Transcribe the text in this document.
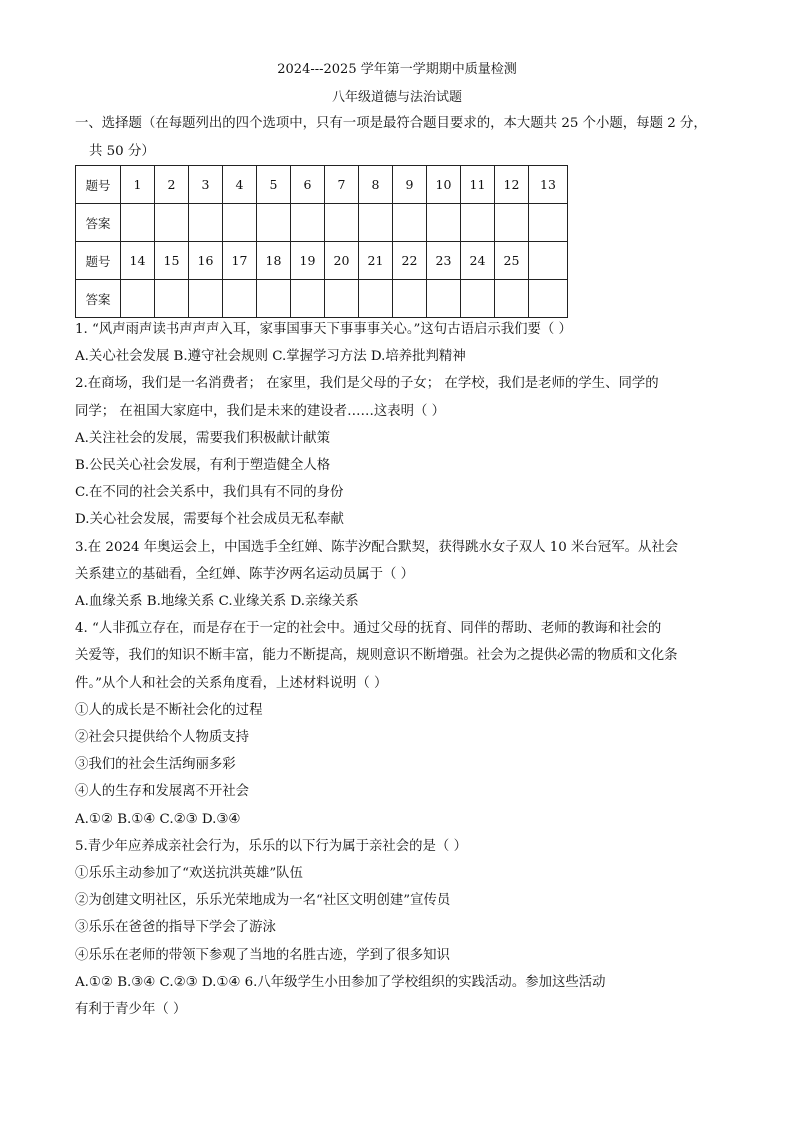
2024---2025 学年第一学期期中质量检测
八年级道德与法治试题
一、选择题（在每题列出的四个选项中，只有一项是最符合题目要求的，本大题共 25 个小题，每题 2 分，
共 50 分）
题号	1	2	3	4	5	6	7	8	9	10	11	12	13
答案													
题号	14	15	16	17	18	19	20	21	22	23	24	25	
答案													
1. “风声雨声读书声声声入耳，家事国事天下事事事关心。”这句古语启示我们要（ ）
A.关心社会发展 B.遵守社会规则 C.掌握学习方法 D.培养批判精神
2.在商场，我们是一名消费者； 在家里，我们是父母的子女； 在学校，我们是老师的学生、同学的
同学； 在祖国大家庭中，我们是未来的建设者……这表明（ ）
A.关注社会的发展，需要我们积极献计献策
B.公民关心社会发展，有利于塑造健全人格
C.在不同的社会关系中，我们具有不同的身份
D.关心社会发展，需要每个社会成员无私奉献
3.在 2024 年奥运会上，中国选手全红婵、陈芋汐配合默契，获得跳水女子双人 10 米台冠军。从社会
关系建立的基础看，全红婵、陈芋汐两名运动员属于（ ）
A.血缘关系 B.地缘关系 C.业缘关系 D.亲缘关系
4. “人非孤立存在，而是存在于一定的社会中。通过父母的抚育、同伴的帮助、老师的教诲和社会的
关爱等，我们的知识不断丰富，能力不断提高，规则意识不断增强。社会为之提供必需的物质和文化条
件。”从个人和社会的关系角度看，上述材料说明（ ）
①人的成长是不断社会化的过程
②社会只提供给个人物质支持
③我们的社会生活绚丽多彩
④人的生存和发展离不开社会
A.①② B.①④ C.②③ D.③④
5.青少年应养成亲社会行为，乐乐的以下行为属于亲社会的是（ ）
①乐乐主动参加了“欢送抗洪英雄”队伍
②为创建文明社区，乐乐光荣地成为一名“社区文明创建”宣传员
③乐乐在爸爸的指导下学会了游泳
④乐乐在老师的带领下参观了当地的名胜古迹，学到了很多知识
A.①② B.③④ C.②③ D.①④ 6.八年级学生小田参加了学校组织的实践活动。参加这些活动
有利于青少年（ ）
